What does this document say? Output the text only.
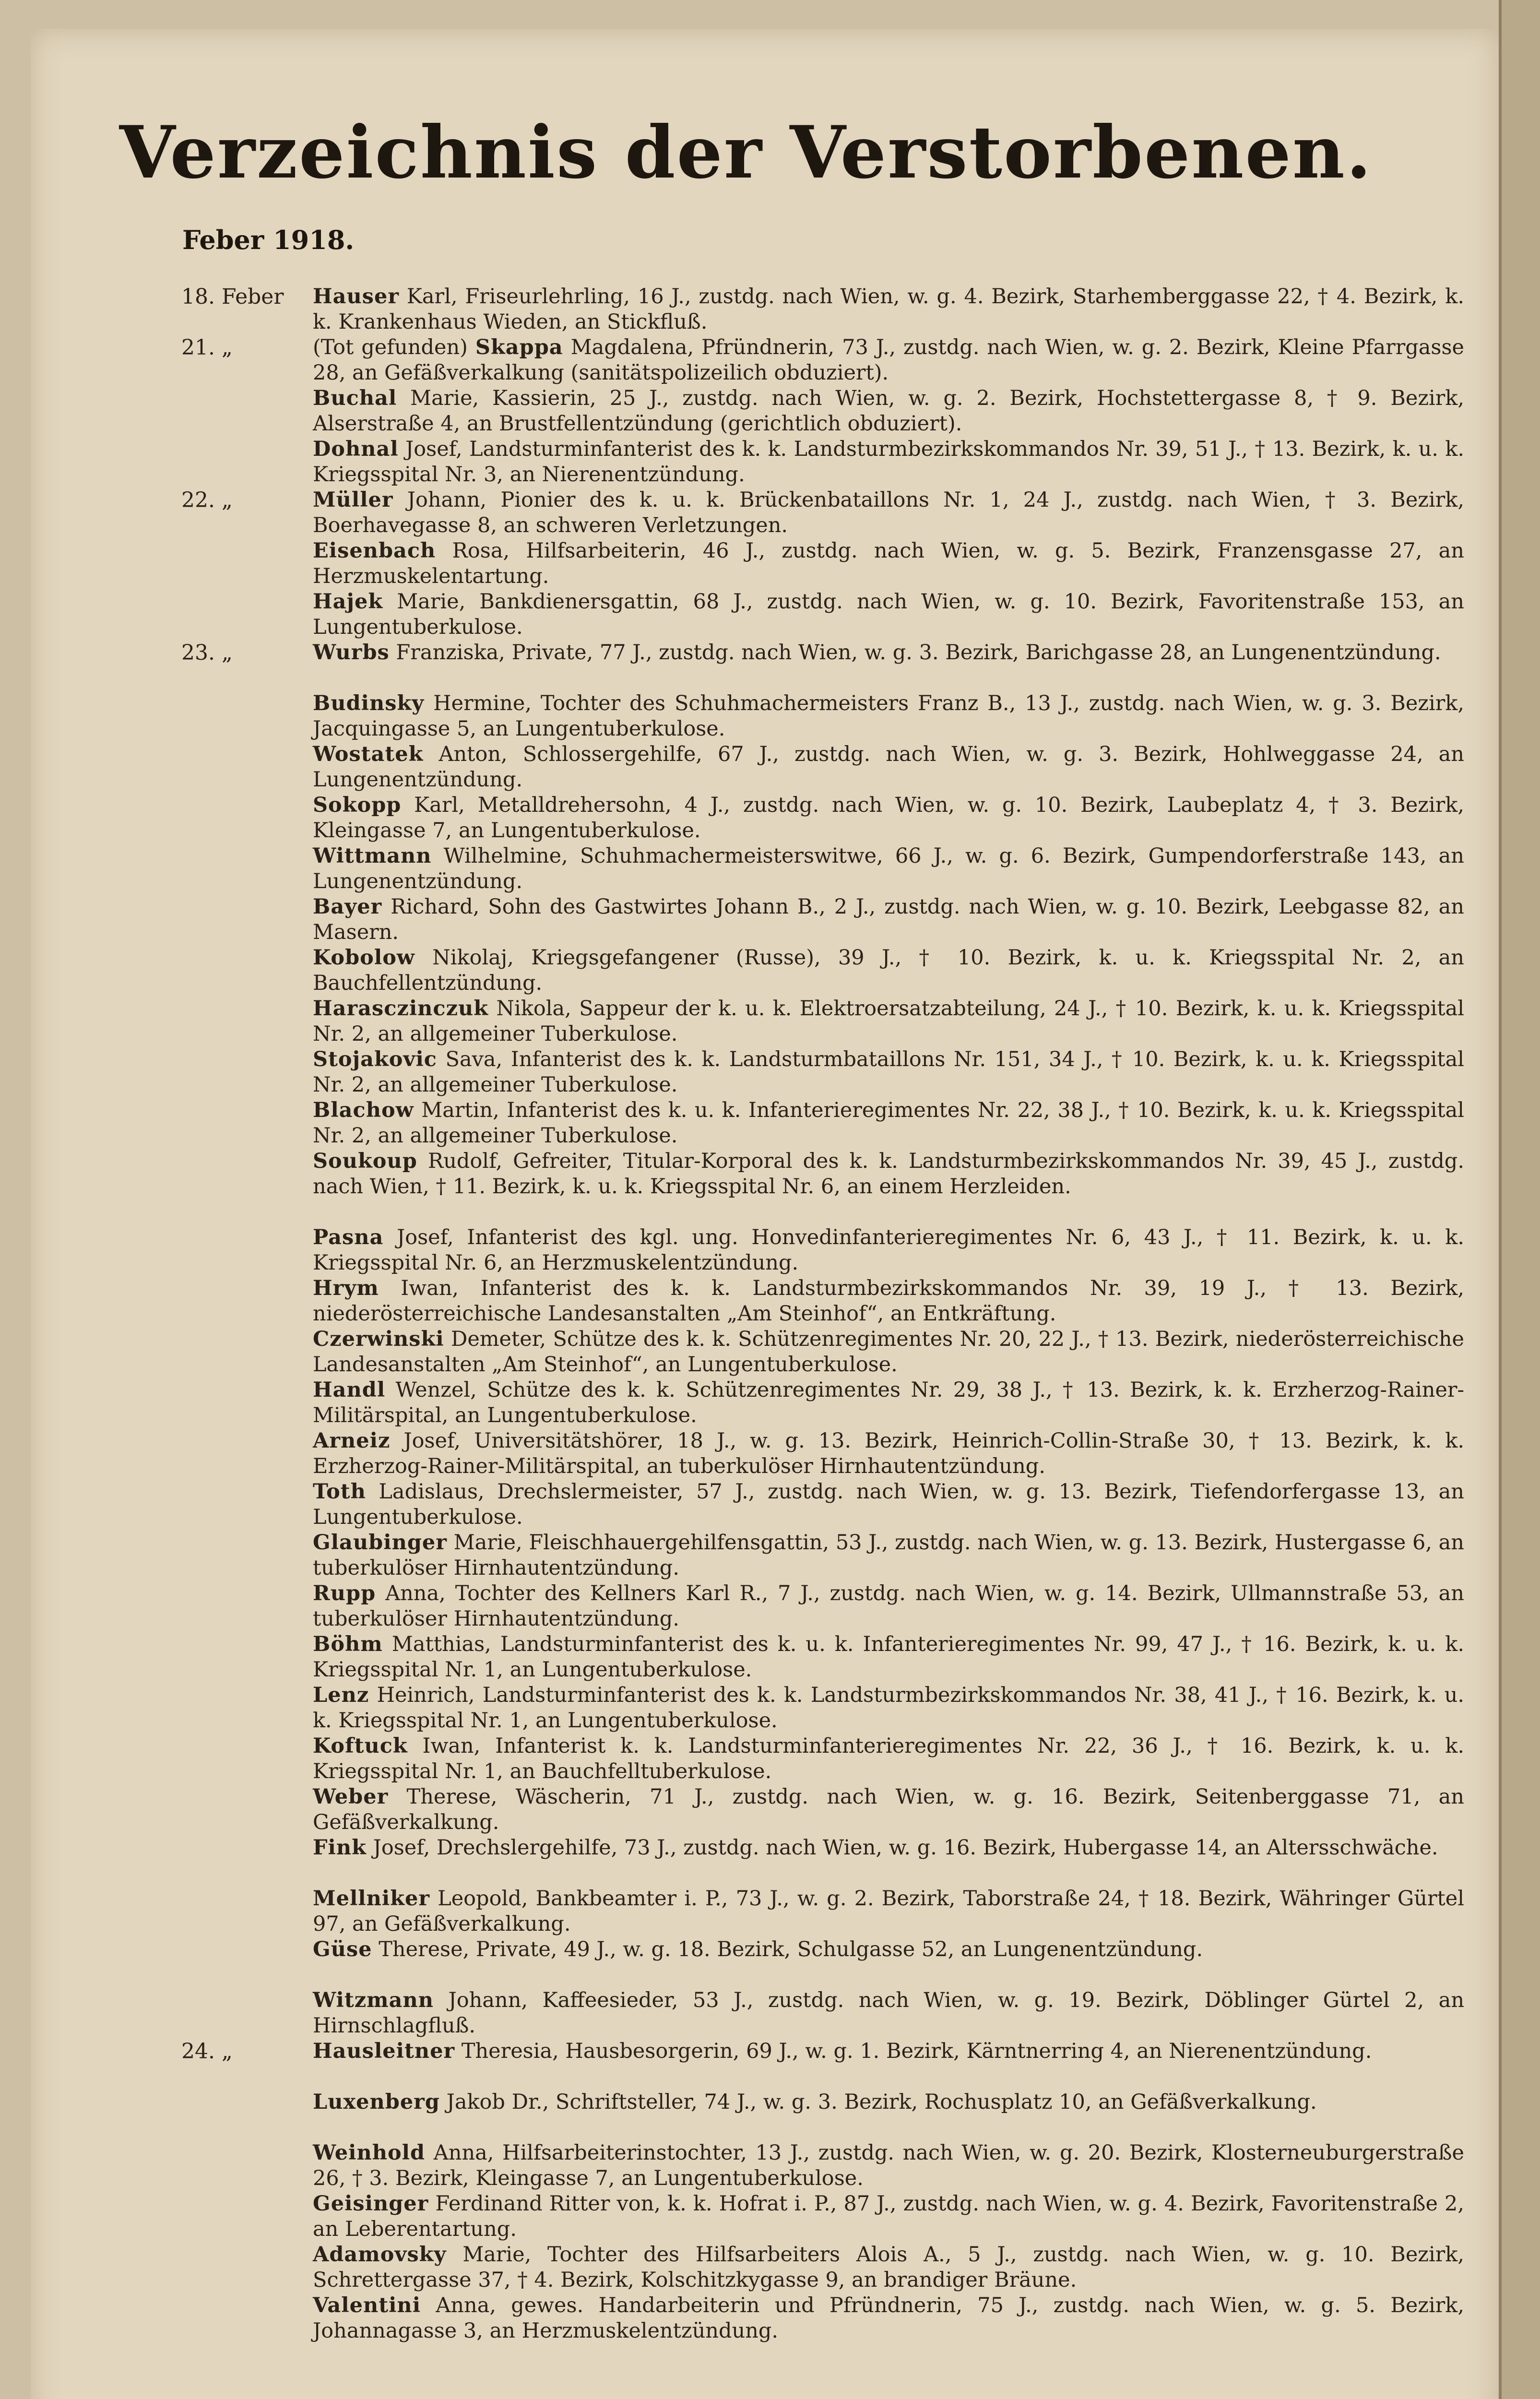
Verzeichnis der Verstorbenen.
Feber 1918.
18. Feber	Hauser Karl, Friseurlehrling, 16 J., zustdg. nach Wien, w. g. 4. Bezirk, Starhemberggasse 22, † 4. Bezirk, k. k. Krankenhaus Wieden, an Stickfluß.
21. „	(Tot gefunden) Skappa Magdalena, Pfründnerin, 73 J., zustdg. nach Wien, w. g. 2. Bezirk, Kleine Pfarrgasse 28, an Gefäßverkalkung (sanitätspolizeilich obduziert).
Buchal Marie, Kassierin, 25 J., zustdg. nach Wien, w. g. 2. Bezirk, Hochstettergasse 8, † 9. Bezirk, Alserstraße 4, an Brustfellentzündung (gerichtlich obduziert).
Dohnal Josef, Landsturminfanterist des k. k. Landsturmbezirkskommandos Nr. 39, 51 J., † 13. Bezirk, k. u. k. Kriegsspital Nr. 3, an Nierenentzündung.
22. „	Müller Johann, Pionier des k. u. k. Brückenbataillons Nr. 1, 24 J., zustdg. nach Wien, † 3. Bezirk, Boerhavegasse 8, an schweren Verletzungen.
Eisenbach Rosa, Hilfsarbeiterin, 46 J., zustdg. nach Wien, w. g. 5. Bezirk, Franzensgasse 27, an Herzmuskelentartung.
Hajek Marie, Bankdienersgattin, 68 J., zustdg. nach Wien, w. g. 10. Bezirk, Favoritenstraße 153, an Lungentuberkulose.
23. „	Wurbs Franziska, Private, 77 J., zustdg. nach Wien, w. g. 3. Bezirk, Barichgasse 28, an Lungenentzündung.
Budinsky Hermine, Tochter des Schuhmachermeisters Franz B., 13 J., zustdg. nach Wien, w. g. 3. Bezirk, Jacquingasse 5, an Lungentuberkulose.
Wostatek Anton, Schlossergehilfe, 67 J., zustdg. nach Wien, w. g. 3. Bezirk, Hohlweggasse 24, an Lungenentzündung.
Sokopp Karl, Metalldrehersohn, 4 J., zustdg. nach Wien, w. g. 10. Bezirk, Laubeplatz 4, † 3. Bezirk, Kleingasse 7, an Lungentuberkulose.
Wittmann Wilhelmine, Schuhmachermeisterswitwe, 66 J., w. g. 6. Bezirk, Gumpendorferstraße 143, an Lungenentzündung.
Bayer Richard, Sohn des Gastwirtes Johann B., 2 J., zustdg. nach Wien, w. g. 10. Bezirk, Leebgasse 82, an Masern.
Kobolow Nikolaj, Kriegsgefangener (Russe), 39 J., † 10. Bezirk, k. u. k. Kriegsspital Nr. 2, an Bauchfellentzündung.
Harasczinczuk Nikola, Sappeur der k. u. k. Elektroersatzabteilung, 24 J., † 10. Bezirk, k. u. k. Kriegsspital Nr. 2, an allgemeiner Tuberkulose.
Stojakovic Sava, Infanterist des k. k. Landsturmbataillons Nr. 151, 34 J., † 10. Bezirk, k. u. k. Kriegsspital Nr. 2, an allgemeiner Tuberkulose.
Blachow Martin, Infanterist des k. u. k. Infanterieregimentes Nr. 22, 38 J., † 10. Bezirk, k. u. k. Kriegsspital Nr. 2, an allgemeiner Tuberkulose.
Soukoup Rudolf, Gefreiter, Titular-Korporal des k. k. Landsturmbezirkskommandos Nr. 39, 45 J., zustdg. nach Wien, † 11. Bezirk, k. u. k. Kriegsspital Nr. 6, an einem Herzleiden.
Pasna Josef, Infanterist des kgl. ung. Honvedinfanterieregimentes Nr. 6, 43 J., † 11. Bezirk, k. u. k. Kriegsspital Nr. 6, an Herzmuskelentzündung.
Hrym Iwan, Infanterist des k. k. Landsturmbezirkskommandos Nr. 39, 19 J., † 13. Bezirk, niederösterreichische Landesanstalten „Am Steinhof“, an Entkräftung.
Czerwinski Demeter, Schütze des k. k. Schützenregimentes Nr. 20, 22 J., † 13. Bezirk, niederösterreichische Landesanstalten „Am Steinhof“, an Lungentuberkulose.
Handl Wenzel, Schütze des k. k. Schützenregimentes Nr. 29, 38 J., † 13. Bezirk, k. k. Erzherzog-Rainer-Militärspital, an Lungentuberkulose.
Arneiz Josef, Universitätshörer, 18 J., w. g. 13. Bezirk, Heinrich-Collin-Straße 30, † 13. Bezirk, k. k. Erzherzog-Rainer-Militärspital, an tuberkulöser Hirnhautentzündung.
Toth Ladislaus, Drechslermeister, 57 J., zustdg. nach Wien, w. g. 13. Bezirk, Tiefendorfergasse 13, an Lungentuberkulose.
Glaubinger Marie, Fleischhauergehilfensgattin, 53 J., zustdg. nach Wien, w. g. 13. Bezirk, Hustergasse 6, an tuberkulöser Hirnhautentzündung.
Rupp Anna, Tochter des Kellners Karl R., 7 J., zustdg. nach Wien, w. g. 14. Bezirk, Ullmannstraße 53, an tuberkulöser Hirnhautentzündung.
Böhm Matthias, Landsturminfanterist des k. u. k. Infanterieregimentes Nr. 99, 47 J., † 16. Bezirk, k. u. k. Kriegsspital Nr. 1, an Lungentuberkulose.
Lenz Heinrich, Landsturminfanterist des k. k. Landsturmbezirkskommandos Nr. 38, 41 J., † 16. Bezirk, k. u. k. Kriegsspital Nr. 1, an Lungentuberkulose.
Koftuck Iwan, Infanterist k. k. Landsturminfanterieregimentes Nr. 22, 36 J., † 16. Bezirk, k. u. k. Kriegsspital Nr. 1, an Bauchfelltuberkulose.
Weber Therese, Wäscherin, 71 J., zustdg. nach Wien, w. g. 16. Bezirk, Seitenberggasse 71, an Gefäßverkalkung.
Fink Josef, Drechslergehilfe, 73 J., zustdg. nach Wien, w. g. 16. Bezirk, Hubergasse 14, an Altersschwäche.
Mellniker Leopold, Bankbeamter i. P., 73 J., w. g. 2. Bezirk, Taborstraße 24, † 18. Bezirk, Währinger Gürtel 97, an Gefäßverkalkung.
Güse Therese, Private, 49 J., w. g. 18. Bezirk, Schulgasse 52, an Lungenentzündung.
Witzmann Johann, Kaffeesieder, 53 J., zustdg. nach Wien, w. g. 19. Bezirk, Döblinger Gürtel 2, an Hirnschlagfluß.
24. „	Hausleitner Theresia, Hausbesorgerin, 69 J., w. g. 1. Bezirk, Kärntnerring 4, an Nierenentzündung.
Luxenberg Jakob Dr., Schriftsteller, 74 J., w. g. 3. Bezirk, Rochusplatz 10, an Gefäßverkalkung.
Weinhold Anna, Hilfsarbeiterinstochter, 13 J., zustdg. nach Wien, w. g. 20. Bezirk, Klosterneuburgerstraße 26, † 3. Bezirk, Kleingasse 7, an Lungentuberkulose.
Geisinger Ferdinand Ritter von, k. k. Hofrat i. P., 87 J., zustdg. nach Wien, w. g. 4. Bezirk, Favoritenstraße 2, an Leberentartung.
Adamovsky Marie, Tochter des Hilfsarbeiters Alois A., 5 J., zustdg. nach Wien, w. g. 10. Bezirk, Schrettergasse 37, † 4. Bezirk, Kolschitzkygasse 9, an brandiger Bräune.
Valentini Anna, gewes. Handarbeiterin und Pfründnerin, 75 J., zustdg. nach Wien, w. g. 5. Bezirk, Johannagasse 3, an Herzmuskelentzündung.
